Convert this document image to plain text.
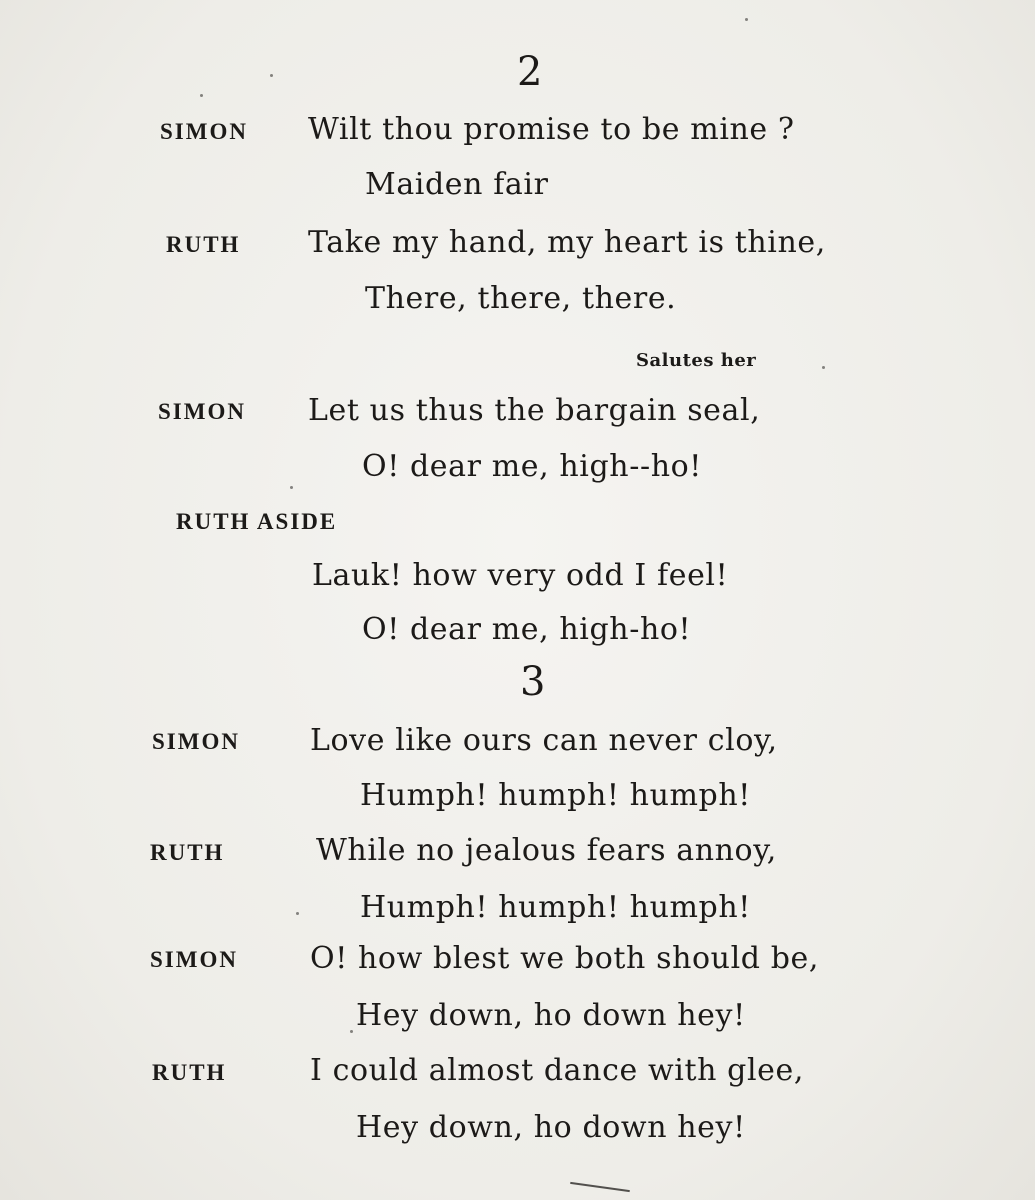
2
SIMON Wilt thou promise to be mine ?
Maiden fair
RUTH Take my hand, my heart is thine,
There, there, there.
Salutes her
SIMON Let us thus the bargain seal,
O! dear me, high--ho!
RUTH ASIDE
Lauk! how very odd I feel!
O! dear me, high-ho!
3
SIMON Love like ours can never cloy,
Humph! humph! humph!
RUTH	While no jealous fears annoy,
Humph! humph! humph!
SIMON O! how blest we both should be,
Hey down, ho down hey!
RUTH	I could almost dance with glee,
Hey down, ho down hey!
